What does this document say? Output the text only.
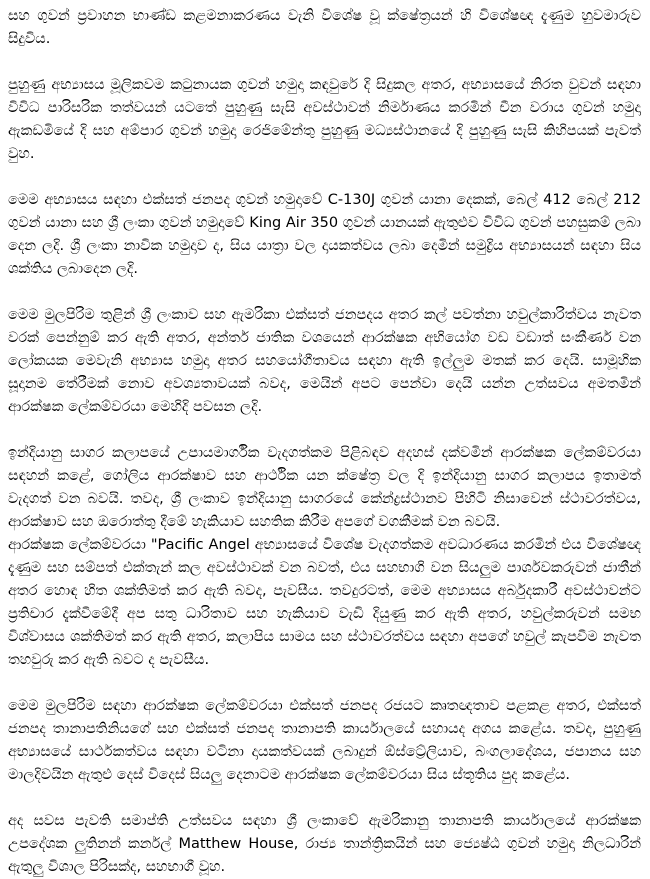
සහ ගුවන් ප්‍රවාහන භාණ්ඩ කළමනාකරණය වැනි විශේෂ වූ ක්ෂේත්‍රයන් හි විශේෂඥ දැණුම හුවමාරුව සිදුවිය.

පුහුණු අභ්‍යාසය මූලිකවම කටුනායක ගුවන් හමුදා කඳවුරේ දි සිදුකල අතර, අභ්‍යාසයේ නිරත වුවන් සඳහා විවිධ පාරිසරික තත්වයන් යටතේ පුහුණු සැසි අවස්ථාවන් නිර්මාණය කරමින් චීන වරාය ගුවන් හමුදා ඇකඩමියේ දි සහ අම්පාර ගුවන් හමුදා රෙජිමේන්තු පුහුණු මධ්‍යස්ථානයේ දි පුහුණු සැසි කිහිපයක් පැවත් වුහ.

මෙම අභ්‍යාසය සඳහා එක්සත් ජනපද ගුවන් හමුදාවේ C-130J ගුවන් යානා දෙකක්, බෙල් 412 බෙල් 212 ගුවන් යානා සහ ශ්‍රී ලංකා ගුවන් හමුදාවේ King Air 350 ගුවන් යානයක් ඇතුළුව විවිධ ගුවන් පහසුකම් ලබා දෙන ලදි. ශ්‍රී ලංකා නාවික හමුදාව ද, සිය යාත්‍රා වල දායකත්වය ලබා දෙමින් සමුද්‍රිය අභ්‍යාසයන් සඳහා සිය ශක්තිය ලබාදෙන ලදි.

මෙම මුලපිරිම තුළින් ශ්‍රී ලංකාව සහ ඇමරිකා එක්සත් ජනපදය අතර කල් පවත්නා හවුල්කාරිත්වය නැවත වරක් පෙන්නුම් කර ඇති අතර, අන්තර් ජාතික වශයෙන් ආරක්ෂක අභියෝග වඩ වඩාත් සංකීර්ණ වන ලෝකයක මෙවැනි අභ්‍යාස හමුදා අතර සහයෝගීතාවය සඳහා ඇති ඉල්ලුම මතක් කර දෙයි. සාමූහික සූදානම තේරීමක් නොව අවශ්‍යතාවයක් බවද, මෙයින් අපට පෙන්වා දෙයි යන්න උත්සවය අමතමින් ආරක්ෂක ලේකම්වරයා මෙහිදි පවසන ලදි.

ඉන්දියානු සාගර කලාපයේ උපායමාර්ගික වැදගත්කම පිළිබඳව අදහස් දක්වමින් ආරක්ෂක ලේකම්වරයා සඳහන් කළේ, ගෝලිය ආරක්ෂාව සහ ආර්ථික යන ක්ෂේත්‍ර වල දි ඉන්දියානු සාගර කලාපය ඉතාමත් වැදගත් වන බවයි. තවද, ශ්‍රී ලංකාව ඉන්දියානු සාගරයේ කේන්ද්‍රස්ථානව පිහිටි නිසාවෙන් ස්ථාවරත්වය, ආරක්ෂාව සහ ඔරොත්තු දීමේ හැකියාව සහතික කිරීම අපගේ වගකීමක් වන බවයි.

ආරක්ෂක ලේකම්වරයා "Pacific Angel අභ්‍යාසයේ විශේෂ වැදගත්කම අවධාරණය කරමින් එය විශේෂඥ දැණුම සහ සම්පත් එක්තැන් කල අවස්ථාවක් වන බවත්, එය සහභාගි වන සියලුම පාර්ශවකරුවන් ජාතීන් අතර හොඳ හිත ශක්තිමත් කර ඇති බවද, පැවසීය. තවදුරටත්, මෙම අභ්‍යාසය අර්බුදකාරී අවස්ථාවන්ට ප්‍රතිචාර දැක්වීමේදී අප සතු ධාරිතාව සහ හැකියාව වැඩි දියුණු කර ඇති අතර, හවුල්කරුවන් සමභ විශ්වාසය ශක්තිමත් කර ඇති අතර, කලාපිය සාමය සහ ස්ථාවරත්වය සඳහා අපගේ හවුල් කැපවීම නැවත තහවුරු කර ඇති බවට ද පැවසීය.

මෙම මුලපිරිම සඳහා ආරක්ෂක ලේකම්වරයා එක්සත් ජනපද රජයට කෘතඥතාව පළකළ අතර, එක්සත් ජනපද තානාපතිනියගේ සහ එක්සත් ජනපද තානාපති කාර්යාලයේ සහායද අගය කළේය. තවද, පුහුණු අභ්‍යාසයේ සාර්ථකත්වය සඳහා වටිනා දායකත්වයක් ලබාදුන් ඕස්ට්‍රේලියාව, බංගලාදේශය, ජපානය සහ මාලදිවයින ඇතුළු දෙස් විදෙස් සියලු දෙනාටම ආරක්ෂක ලේකම්වරයා සිය ස්තූතිය පුද කළේය.

අද සවස පැවති සමාප්ති උත්සවය සඳහා ශ්‍රී ලංකාවේ ඇමරිකානු තානාපති කාර්යාලයේ ආරක්ෂක උපදේශක ලුතිනන් කර්නල් Matthew House, රාජ්‍ය තාන්ත්‍රිකයින් සහ ජ්‍යෙෂ්ඨ ගුවන් හමුදා නිලධාරින් ඇතුලු විශාල පිරිසක්ද, සහභාගී වූහ.
